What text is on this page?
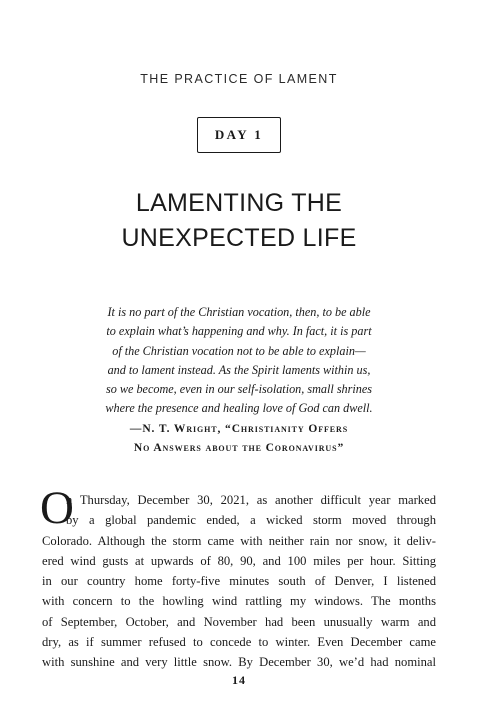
THE PRACTICE OF LAMENT
DAY 1
LAMENTING THE
UNEXPECTED LIFE
It is no part of the Christian vocation, then, to be able
to explain what’s happening and why. In fact, it is part
of the Christian vocation not to be able to explain—
and to lament instead. As the Spirit laments within us,
so we become, even in our self-isolation, small shrines
where the presence and healing love of God can dwell.
—N. T. Wright, “Christianity Offers
No Answers about the Coronavirus”
O
n Thursday, December 30, 2021, as another difficult year marked
by a global pandemic ended, a wicked storm moved through
Colorado. Although the storm came with neither rain nor snow, it deliv-
ered wind gusts at upwards of 80, 90, and 100 miles per hour. Sitting
in our country home forty-five minutes south of Denver, I listened
with concern to the howling wind rattling my windows. The months
of September, October, and November had been unusually warm and
dry, as if summer refused to concede to winter. Even December came
with sunshine and very little snow. By December 30, we’d had nominal
14
